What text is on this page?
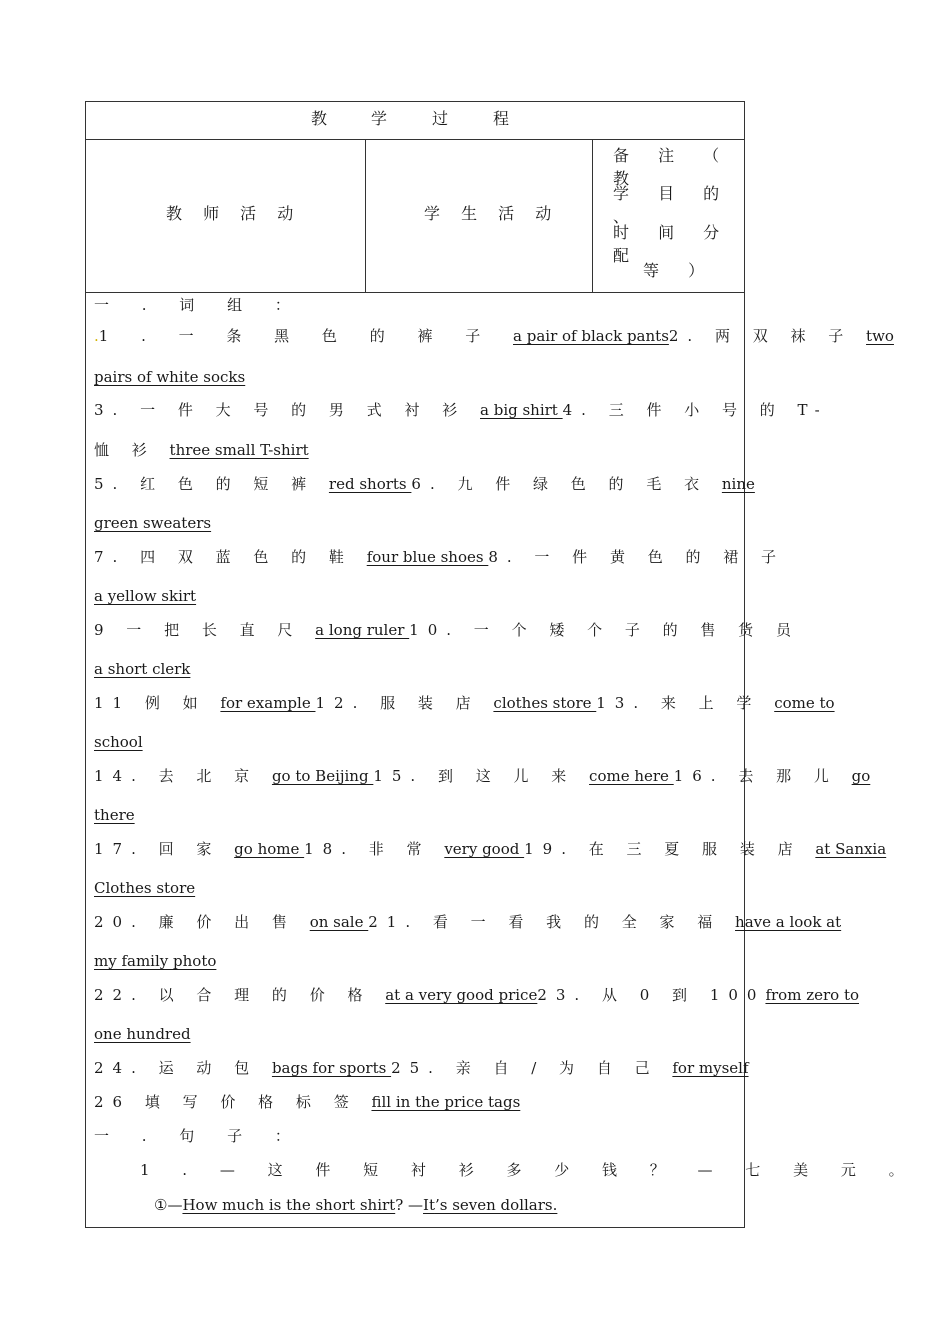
教	学	过	程
教 师 活 动	学 生 活 动
备 注 （ 教
学 目 的 、
时 间 分 配
等 ）
一 . 词 组 ：
.1 . 一 条 黑 色 的 裤 子 a pair of black pants2. 两 双 袜 子 two
pairs of white socks
3. 一 件 大 号 的 男 式 衬 衫 a big shirt 4. 三 件 小 号 的 T-
恤 衫 three small T-shirt
5. 红 色 的 短 裤 red shorts 6. 九 件 绿 色 的 毛 衣 nine
green sweaters
7. 四 双 蓝 色 的 鞋 four blue shoes 8. 一 件 黄 色 的 裙 子
a yellow skirt
9 一 把 长 直 尺 a long ruler 10. 一 个 矮 个 子 的 售 货 员
a short clerk
11 例 如 for example 12. 服 装 店 clothes store 13. 来 上 学 come to
school
14. 去 北 京 go to Beijing 15. 到 这 儿 来 come here 16. 去 那 儿 go
there
17. 回 家 go home 18. 非 常 very good 19. 在 三 夏 服 装 店 at Sanxia
Clothes store
20. 廉 价 出 售 on sale 21. 看 一 看 我 的 全 家 福 have a look at
my family photo
22. 以 合 理 的 价 格 at a very good price23. 从 0 到 100from zero to
one hundred
24. 运 动 包 bags for sports 25. 亲 自 / 为 自 己 for myself
26 填 写 价 格 标 签 fill in the price tags
一 . 句 子 ：
1 . — 这 件 短 衬 衫 多 少 钱 ？ — 七 美 元 。
①—How much is the short shirt? —It’s seven dollars.
